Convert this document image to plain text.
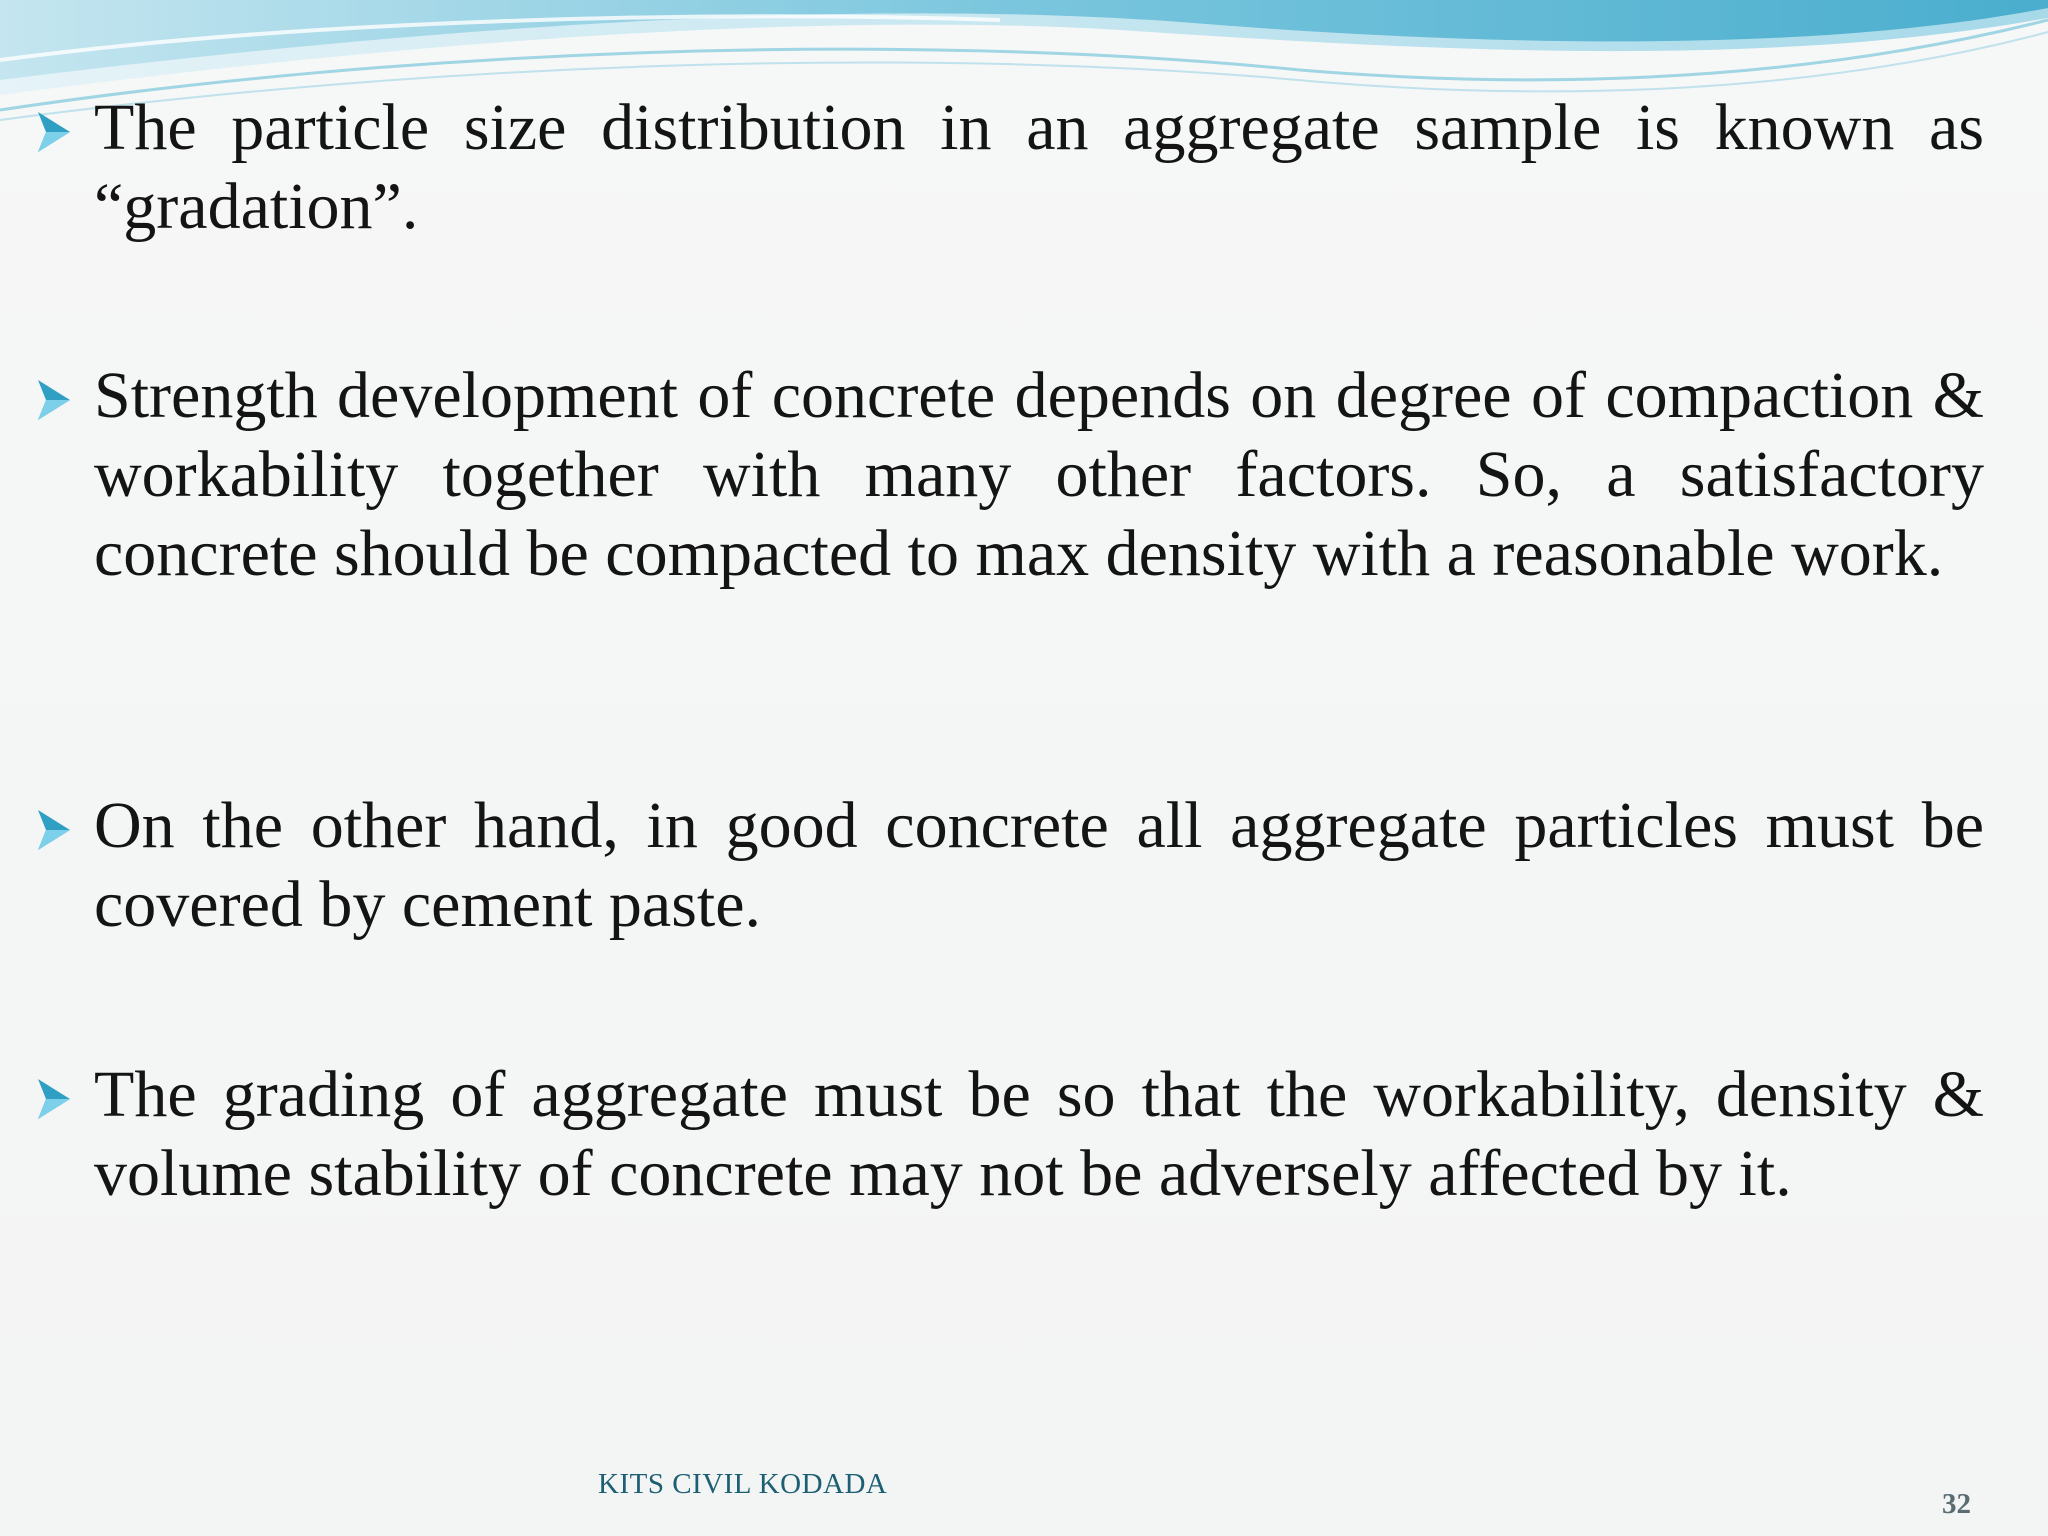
The particle size distribution in an aggregate sample is known as “gradation”.
Strength development of concrete depends on degree of compaction & workability together with many other factors. So, a satisfactory concrete should be compacted to max density with a reasonable work.
On the other hand, in good concrete all aggregate particles must be covered by cement paste.
The grading of aggregate must be so that the workability, density & volume stability of concrete may not be adversely affected by it.
KITS CIVIL KODADA
32
